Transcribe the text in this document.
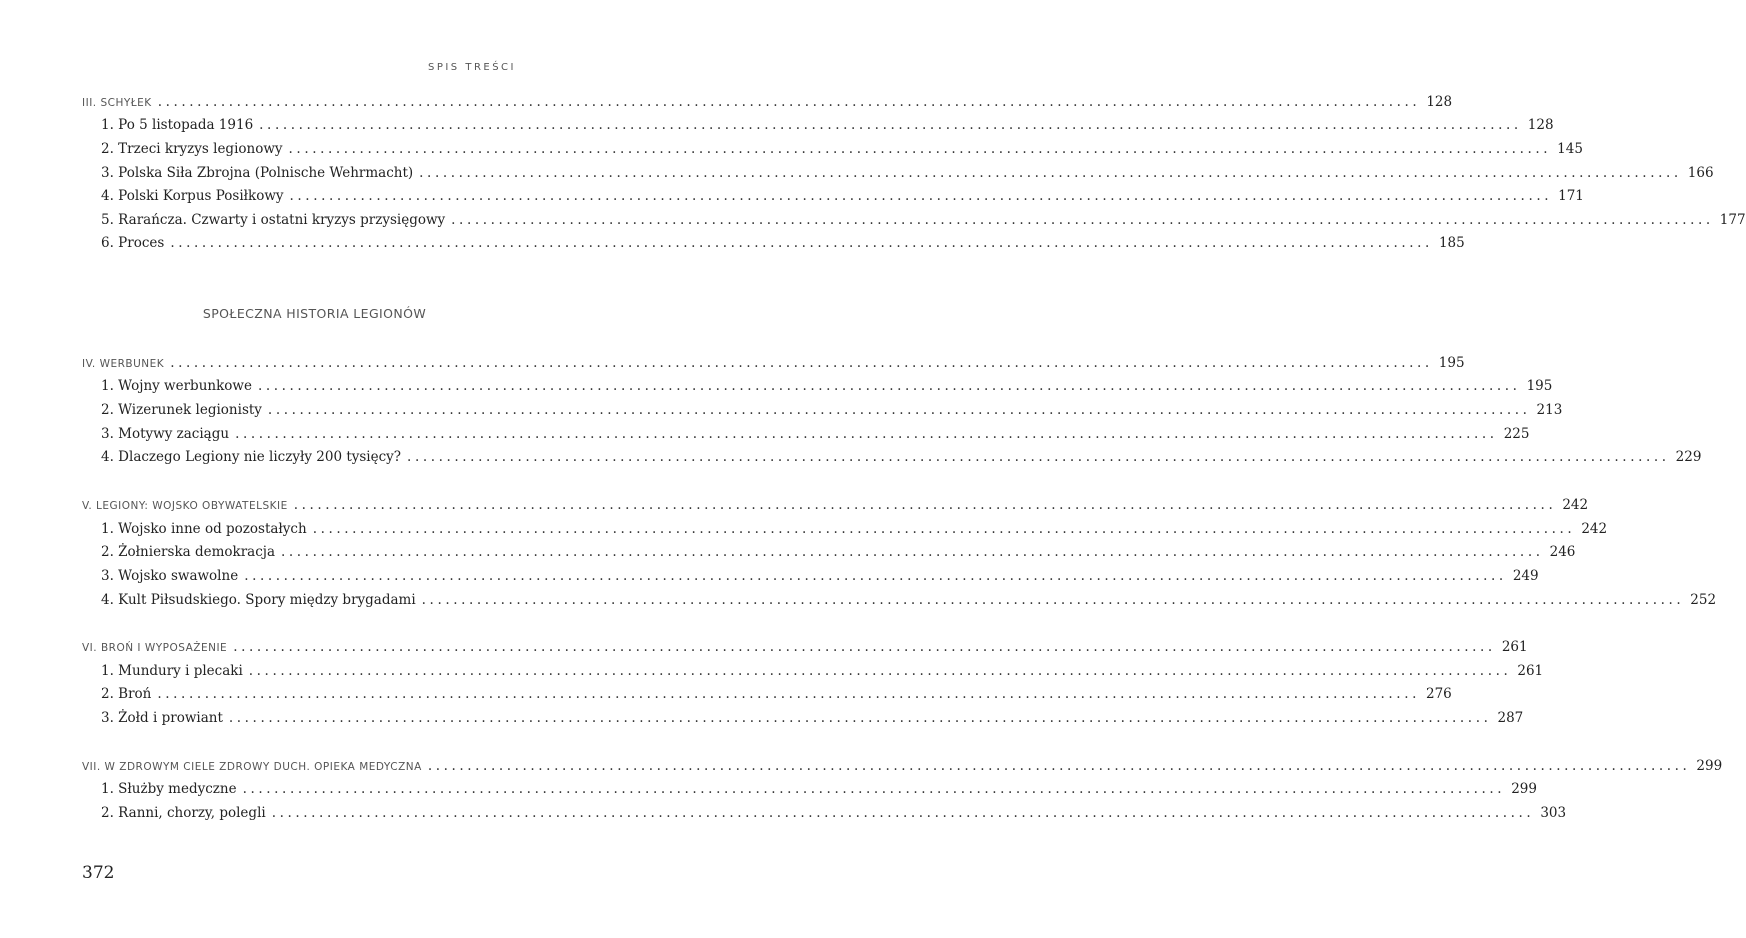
SPIS TREŚCI
III. SCHYŁEK ................................................................................................................................................................ 128
1. Po 5 listopada 1916 ................................................................................................................................................................ 128
2. Trzeci kryzys legionowy ................................................................................................................................................................ 145
3. Polska Siła Zbrojna (Polnische Wehrmacht) ................................................................................................................................................................ 166
4. Polski Korpus Posiłkowy ................................................................................................................................................................ 171
5. Rarańcza. Czwarty i ostatni kryzys przysięgowy ................................................................................................................................................................ 177
6. Proces ................................................................................................................................................................ 185
SPOŁECZNA HISTORIA LEGIONÓW
IV. WERBUNEK ................................................................................................................................................................ 195
1. Wojny werbunkowe ................................................................................................................................................................ 195
2. Wizerunek legionisty ................................................................................................................................................................ 213
3. Motywy zaciągu ................................................................................................................................................................ 225
4. Dlaczego Legiony nie liczyły 200 tysięcy? ................................................................................................................................................................ 229
V. LEGIONY: WOJSKO OBYWATELSKIE ................................................................................................................................................................ 242
1. Wojsko inne od pozostałych ................................................................................................................................................................ 242
2. Żołnierska demokracja ................................................................................................................................................................ 246
3. Wojsko swawolne ................................................................................................................................................................ 249
4. Kult Piłsudskiego. Spory między brygadami ................................................................................................................................................................ 252
VI. BROŃ I WYPOSAŻENIE ................................................................................................................................................................ 261
1. Mundury i plecaki ................................................................................................................................................................ 261
2. Broń ................................................................................................................................................................ 276
3. Żołd i prowiant ................................................................................................................................................................ 287
VII. W ZDROWYM CIELE ZDROWY DUCH. OPIEKA MEDYCZNA ................................................................................................................................................................ 299
1. Służby medyczne ................................................................................................................................................................ 299
2. Ranni, chorzy, polegli ................................................................................................................................................................ 303
372
